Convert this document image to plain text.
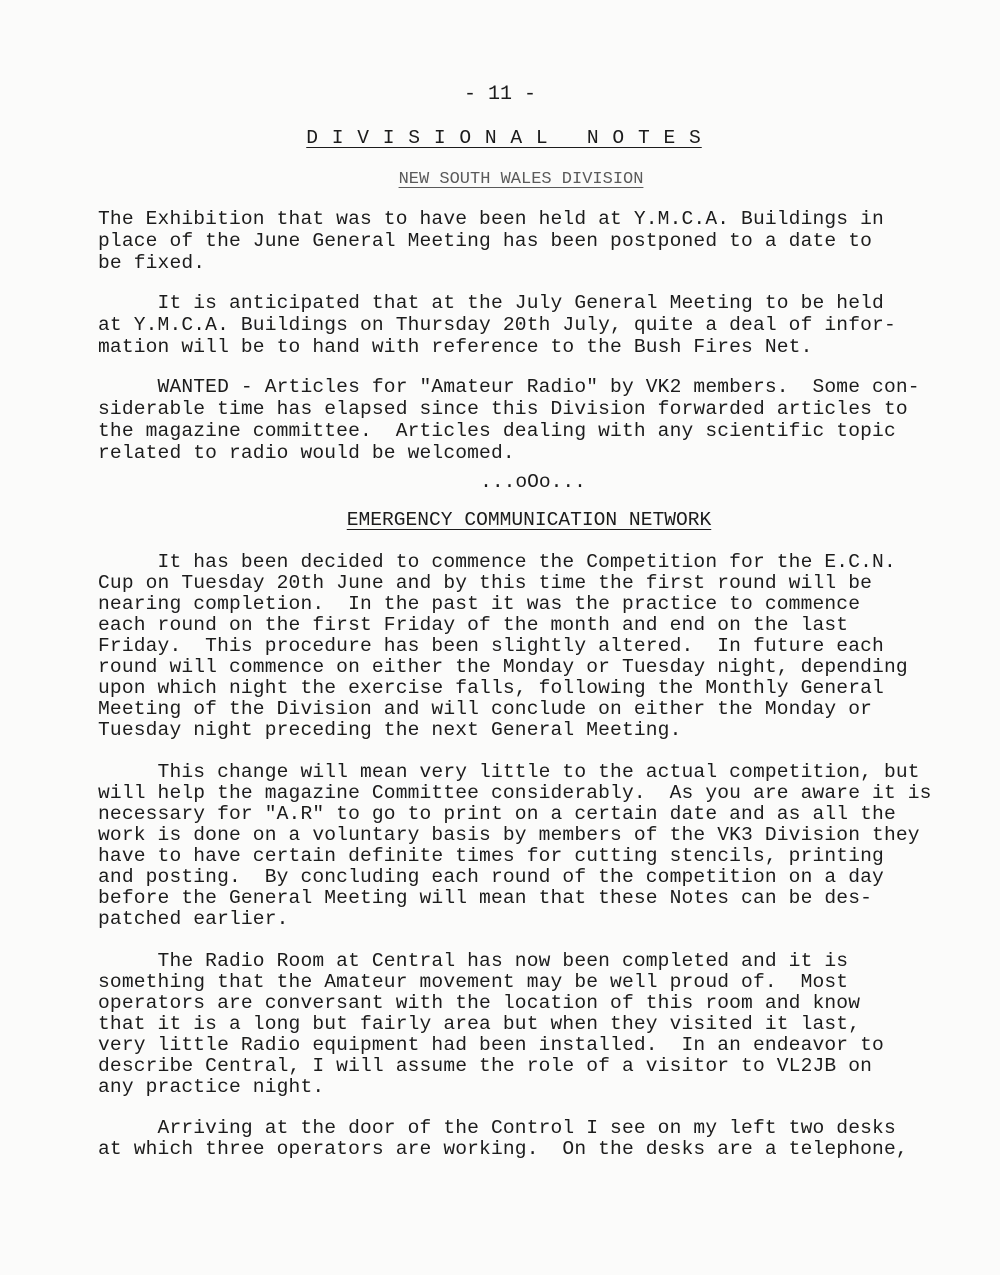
- 11 -
D I V I S I O N A L   N O T E S
NEW SOUTH WALES DIVISION
The Exhibition that was to have been held at Y.M.C.A. Buildings in
place of the June General Meeting has been postponed to a date to
be fixed.
It is anticipated that at the July General Meeting to be held
at Y.M.C.A. Buildings on Thursday 20th July, quite a deal of infor-
mation will be to hand with reference to the Bush Fires Net.
WANTED - Articles for "Amateur Radio" by VK2 members.  Some con-
siderable time has elapsed since this Division forwarded articles to
the magazine committee.  Articles dealing with any scientific topic
related to radio would be welcomed.
...oOo...
EMERGENCY COMMUNICATION NETWORK
It has been decided to commence the Competition for the E.C.N.
Cup on Tuesday 20th June and by this time the first round will be
nearing completion.  In the past it was the practice to commence
each round on the first Friday of the month and end on the last
Friday.  This procedure has been slightly altered.  In future each
round will commence on either the Monday or Tuesday night, depending
upon which night the exercise falls, following the Monthly General
Meeting of the Division and will conclude on either the Monday or
Tuesday night preceding the next General Meeting.
This change will mean very little to the actual competition, but
will help the magazine Committee considerably.  As you are aware it is
necessary for "A.R" to go to print on a certain date and as all the
work is done on a voluntary basis by members of the VK3 Division they
have to have certain definite times for cutting stencils, printing
and posting.  By concluding each round of the competition on a day
before the General Meeting will mean that these Notes can be des-
patched earlier.
The Radio Room at Central has now been completed and it is
something that the Amateur movement may be well proud of.  Most
operators are conversant with the location of this room and know
that it is a long but fairly area but when they visited it last,
very little Radio equipment had been installed.  In an endeavor to
describe Central, I will assume the role of a visitor to VL2JB on
any practice night.
Arriving at the door of the Control I see on my left two desks
at which three operators are working.  On the desks are a telephone,
